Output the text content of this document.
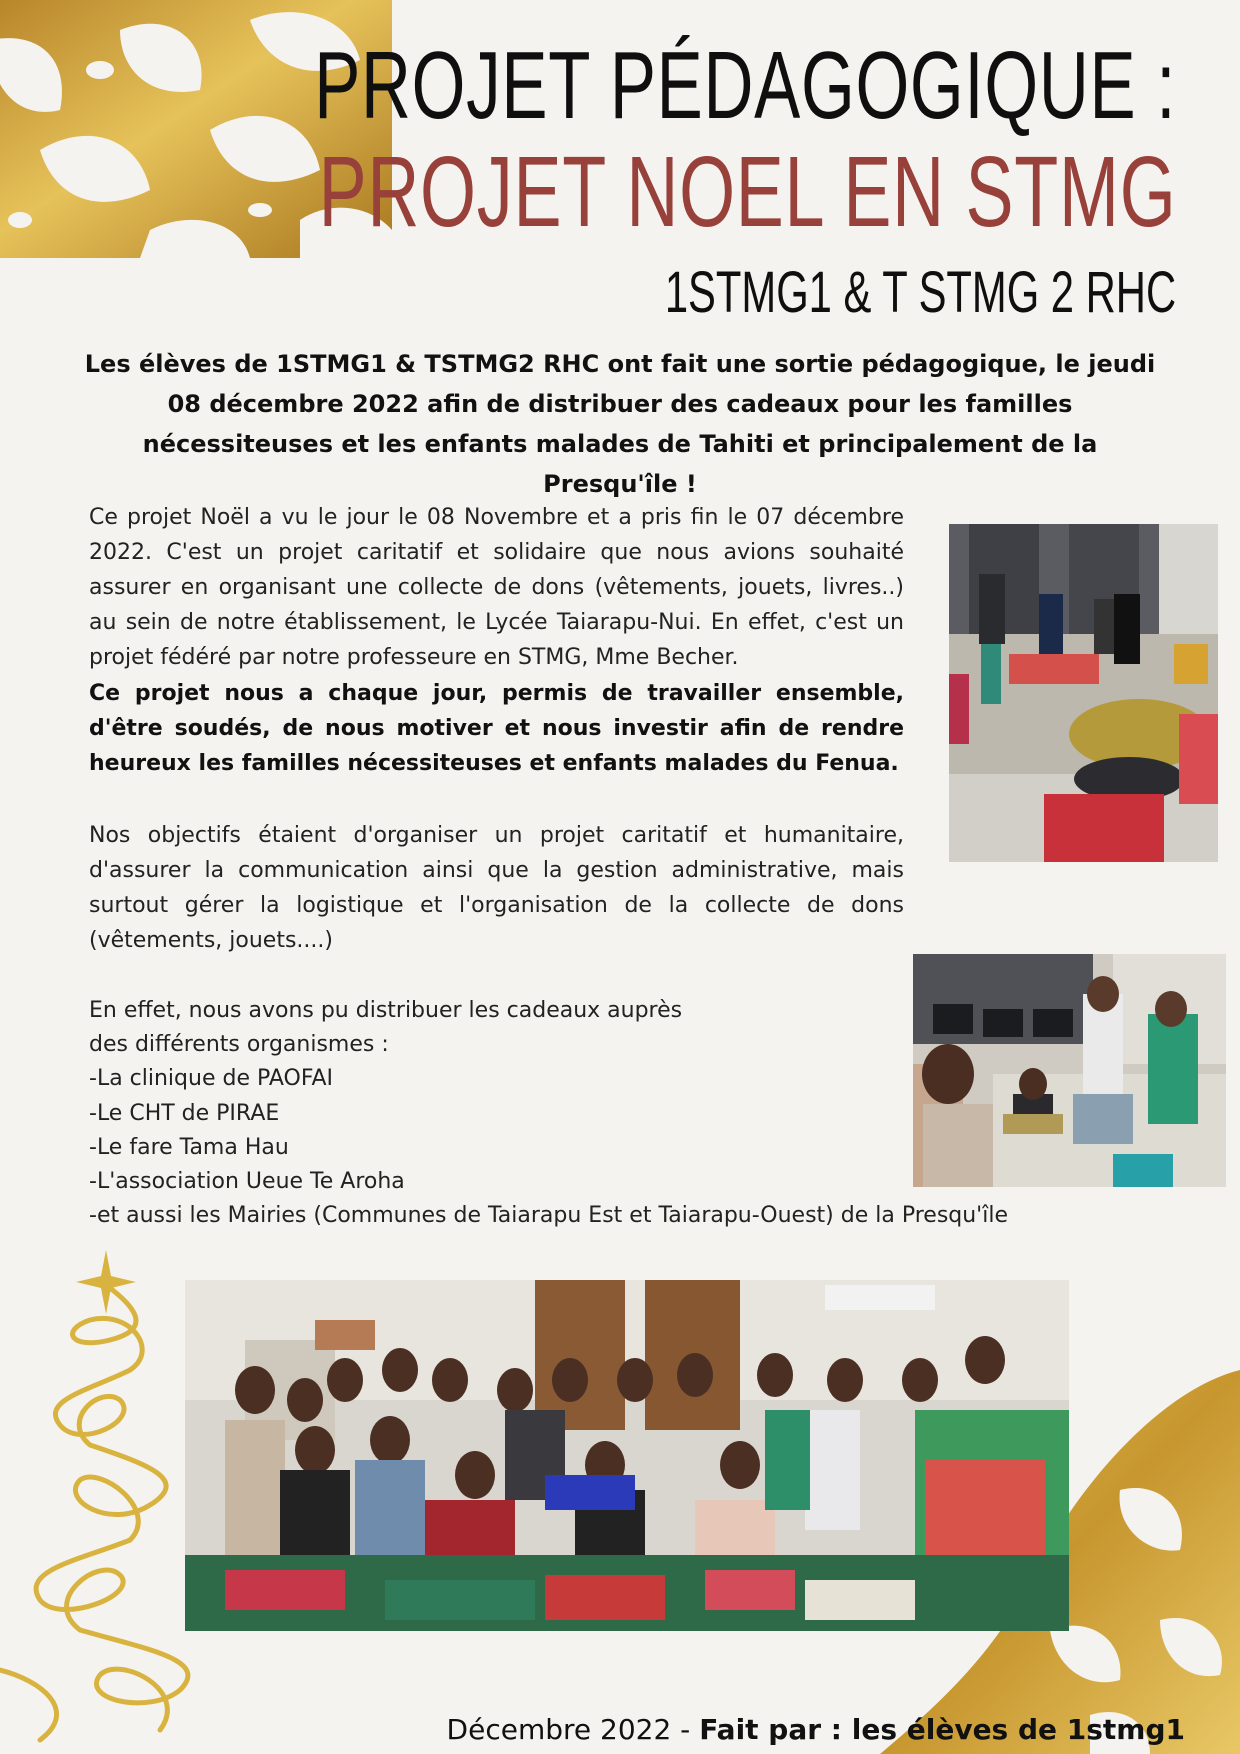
PROJET PÉDAGOGIQUE :
PROJET NOEL EN STMG
1STMG1 & T STMG 2 RHC
Les élèves de 1STMG1 & TSTMG2 RHC ont fait une sortie pédagogique, le jeudi 08 décembre 2022 afin de distribuer des cadeaux pour les familles nécessiteuses et les enfants malades de Tahiti et principalement de la Presqu'île !
Ce projet Noël a vu le jour le 08 Novembre et a pris fin le 07 décembre 2022. C'est un projet caritatif et solidaire que nous avions souhaité assurer en organisant une collecte de dons (vêtements, jouets, livres..) au sein de notre établissement, le Lycée Taiarapu-Nui. En effet, c'est un projet fédéré par notre professeure en STMG, Mme Becher.
Ce projet nous a chaque jour, permis de travailler ensemble, d'être soudés, de nous motiver et nous investir afin de rendre heureux les familles nécessiteuses et enfants malades du Fenua.
Nos objectifs étaient d'organiser un projet caritatif et humanitaire, d'assurer la communication ainsi que la gestion administrative, mais surtout gérer la logistique et l'organisation de la collecte de dons (vêtements, jouets....)
En effet, nous avons pu distribuer les cadeaux auprès
des différents organismes :
-La clinique de PAOFAI
-Le CHT de PIRAE
-Le fare Tama Hau
-L'association Ueue Te Aroha
-et aussi les Mairies (Communes de Taiarapu Est et Taiarapu-Ouest) de la Presqu'île
Décembre 2022 - Fait par : les élèves de 1stmg1
